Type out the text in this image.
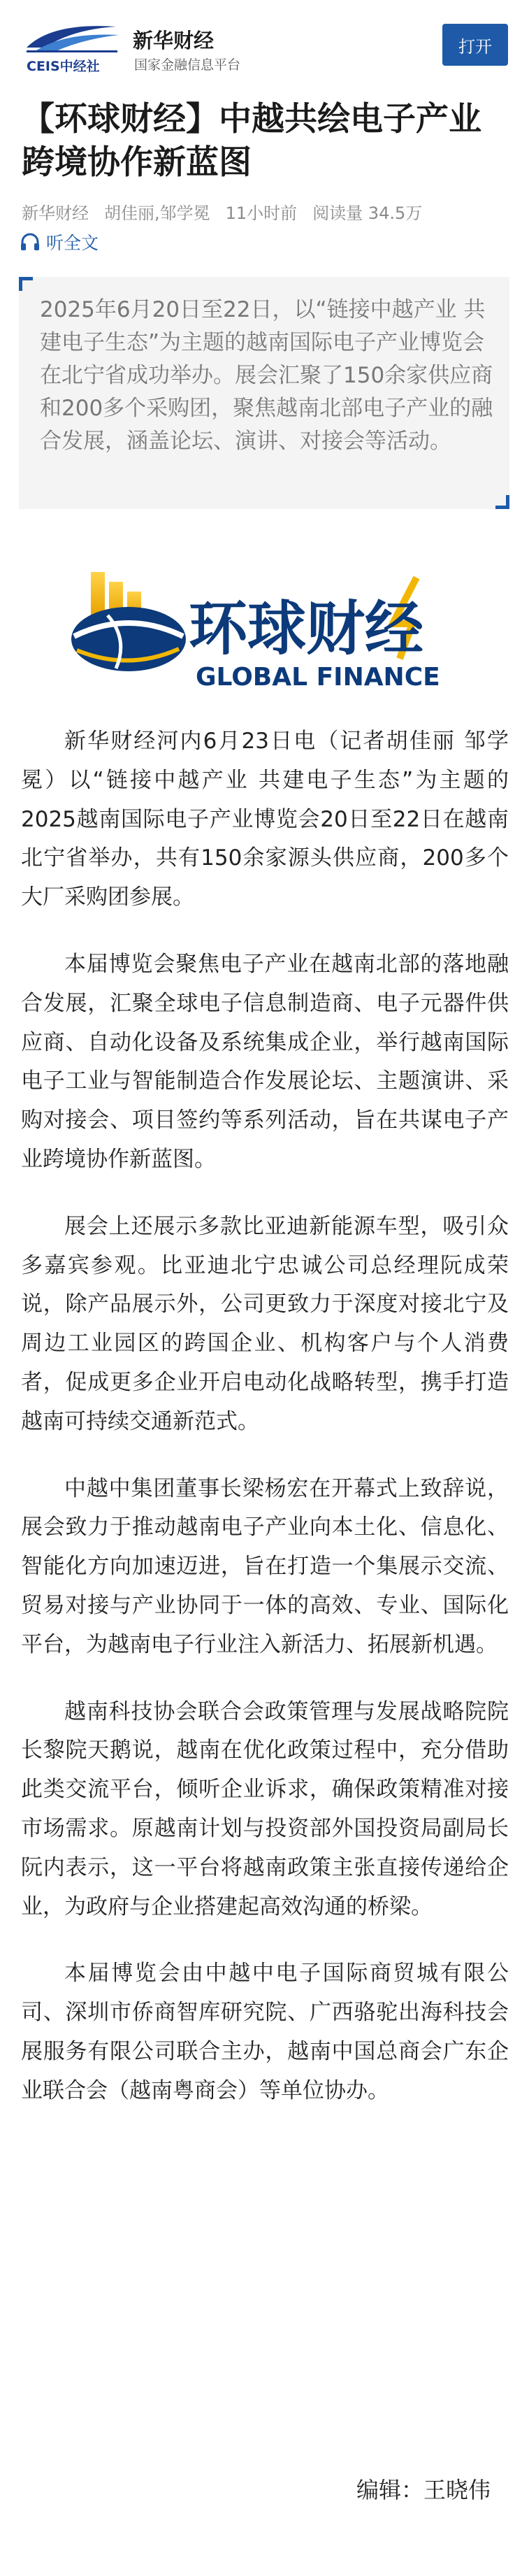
CEIS中经社
新华财经
国家金融信息平台
打开
【环球财经】中越共绘电子产业跨境协作新蓝图
新华财经 胡佳丽,邹学冕 11小时前 阅读量 34.5万
听全文
2025年6月20日至22日，以“链接中越产业 共建电子生态”为主题的越南国际电子产业博览会在北宁省成功举办。展会汇聚了150余家供应商和200多个采购团，聚焦越南北部电子产业的融合发展，涵盖论坛、演讲、对接会等活动。
环球财经
GLOBAL FINANCE

新华财经河内6月23日电（记者胡佳丽 邹学冕）以“链接中越产业 共建电子生态”为主题的2025越南国际电子产业博览会20日至22日在越南北宁省举办，共有150余家源头供应商，200多个大厂采购团参展。

本届博览会聚焦电子产业在越南北部的落地融合发展，汇聚全球电子信息制造商、电子元器件供应商、自动化设备及系统集成企业，举行越南国际电子工业与智能制造合作发展论坛、主题演讲、采购对接会、项目签约等系列活动，旨在共谋电子产业跨境协作新蓝图。

展会上还展示多款比亚迪新能源车型，吸引众多嘉宾参观。比亚迪北宁忠诚公司总经理阮成荣说，除产品展示外，公司更致力于深度对接北宁及周边工业园区的跨国企业、机构客户与个人消费者，促成更多企业开启电动化战略转型，携手打造越南可持续交通新范式。

中越中集团董事长梁杨宏在开幕式上致辞说，展会致力于推动越南电子产业向本土化、信息化、智能化方向加速迈进，旨在打造一个集展示交流、贸易对接与产业协同于一体的高效、专业、国际化平台，为越南电子行业注入新活力、拓展新机遇。

越南科技协会联合会政策管理与发展战略院院长黎院天鹅说，越南在优化政策过程中，充分借助此类交流平台，倾听企业诉求，确保政策精准对接市场需求。原越南计划与投资部外国投资局副局长阮内表示，这一平台将越南政策主张直接传递给企业，为政府与企业搭建起高效沟通的桥梁。

本届博览会由中越中电子国际商贸城有限公司、深圳市侨商智库研究院、广西骆驼出海科技会展服务有限公司联合主办，越南中国总商会广东企业联合会（越南粤商会）等单位协办。

编辑：王晓伟
